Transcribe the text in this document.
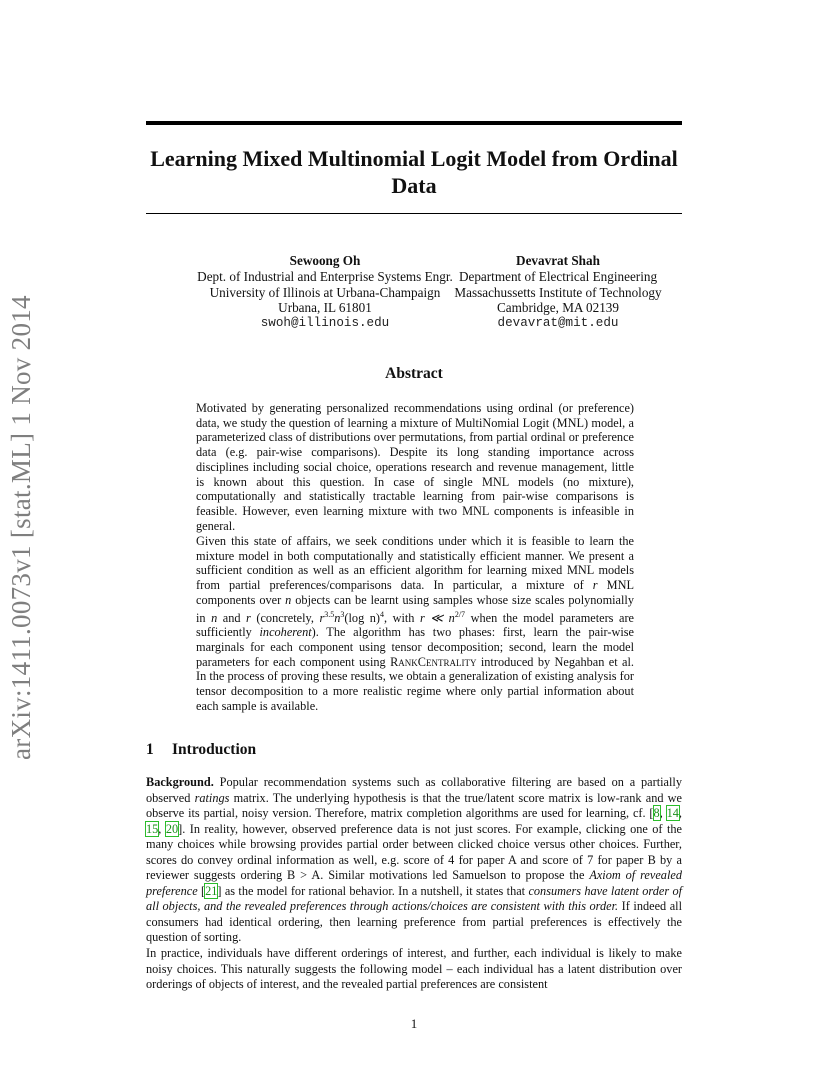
arXiv:1411.0073v1 [stat.ML] 1 Nov 2014
Learning Mixed Multinomial Logit Model from Ordinal Data
Sewoong Oh
Dept. of Industrial and Enterprise Systems Engr.
University of Illinois at Urbana-Champaign
Urbana, IL 61801
swoh@illinois.edu
Devavrat Shah
Department of Electrical Engineering
Massachussetts Institute of Technology
Cambridge, MA 02139
devavrat@mit.edu
Abstract

Motivated by generating personalized recommendations using ordinal (or preference) data, we study the question of learning a mixture of MultiNomial Logit (MNL) model, a parameterized class of distributions over permutations, from partial ordinal or preference data (e.g. pair-wise comparisons). Despite its long standing importance across disciplines including social choice, operations research and revenue management, little is known about this question. In case of single MNL models (no mixture), computationally and statistically tractable learning from pair-wise comparisons is feasible. However, even learning mixture with two MNL components is infeasible in general.

Given this state of affairs, we seek conditions under which it is feasible to learn the mixture model in both computationally and statistically efficient manner. We present a sufficient condition as well as an efficient algorithm for learning mixed MNL models from partial preferences/comparisons data. In particular, a mixture of r MNL components over n objects can be learnt using samples whose size scales polynomially in n and r (concretely, $r^{3.5}n^3(\log$ n)$^4$, with r ≪ $n^{2/7}$ when the model parameters are sufficiently incoherent). The algorithm has two phases: first, learn the pair-wise marginals for each component using tensor decomposition; second, learn the model parameters for each component using RankCentrality introduced by Negahban et al. In the process of proving these results, we obtain a generalization of existing analysis for tensor decomposition to a more realistic regime where only partial information about each sample is available.

1 Introduction

Background. Popular recommendation systems such as collaborative filtering are based on a partially observed ratings matrix. The underlying hypothesis is that the true/latent score matrix is low-rank and we observe its partial, noisy version. Therefore, matrix completion algorithms are used for learning, cf. [8, 14, 15, 20]. In reality, however, observed preference data is not just scores. For example, clicking one of the many choices while browsing provides partial order between clicked choice versus other choices. Further, scores do convey ordinal information as well, e.g. score of 4 for paper A and score of 7 for paper B by a reviewer suggests ordering B > A. Similar motivations led Samuelson to propose the Axiom of revealed preference [21] as the model for rational behavior. In a nutshell, it states that consumers have latent order of all objects, and the revealed preferences through actions/choices are consistent with this order. If indeed all consumers had identical ordering, then learning preference from partial preferences is effectively the question of sorting.

In practice, individuals have different orderings of interest, and further, each individual is likely to make noisy choices. This naturally suggests the following model – each individual has a latent distribution over orderings of objects of interest, and the revealed partial preferences are consistent

1
